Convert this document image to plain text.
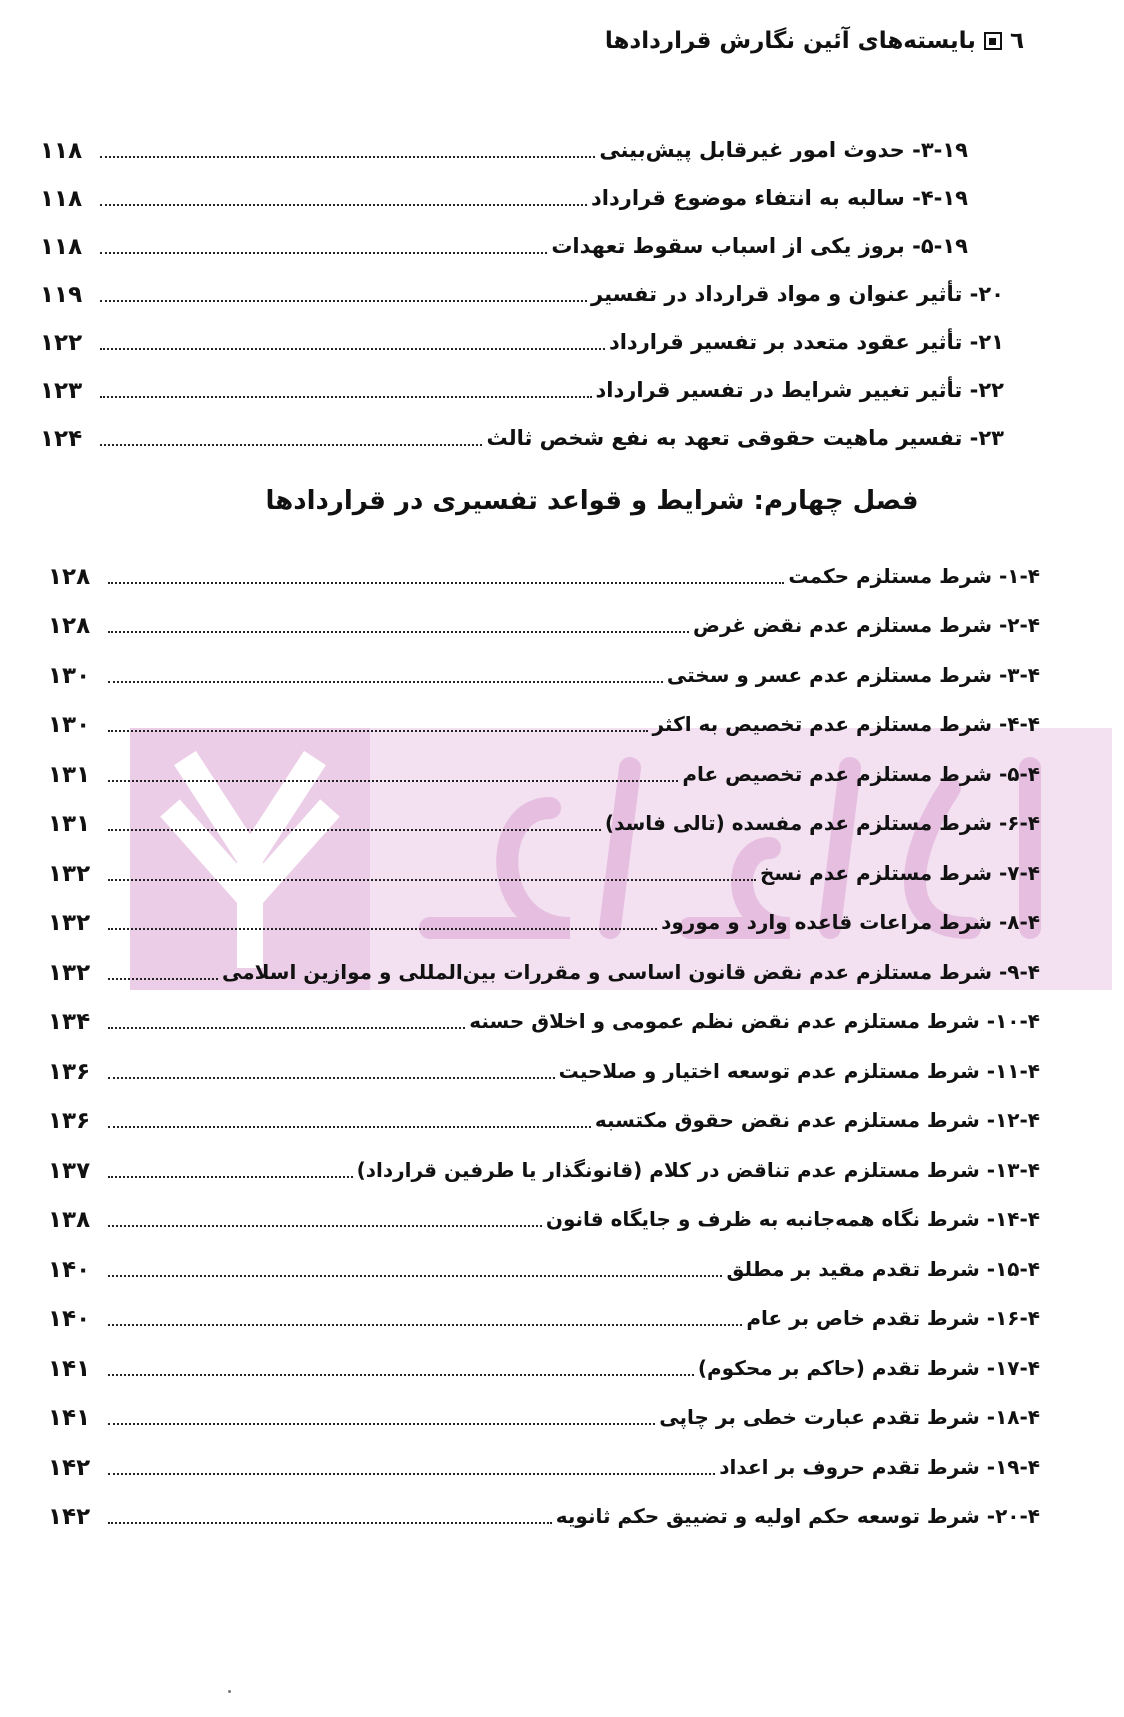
٦
بایسته‌های آئین نگارش قراردادها
۳-۱۹- حدوث امور غیرقابل پیش‌بینی
۱۱۸
۴-۱۹- سالبه به انتفاء موضوع قرارداد
۱۱۸
۵-۱۹- بروز یکی از اسباب سقوط تعهدات
۱۱۸
۲۰- تأثیر عنوان و مواد قرارداد در تفسیر
۱۱۹
۲۱- تأثیر عقود متعدد بر تفسیر قرارداد
۱۲۲
۲۲- تأثیر تغییر شرایط در تفسیر قرارداد
۱۲۳
۲۳- تفسیر ماهیت حقوقی تعهد به نفع شخص ثالث
۱۲۴
فصل چهارم: شرایط و قواعد تفسیری در قراردادها
۱-۴- شرط مستلزم حکمت
۱۲۸
۲-۴- شرط مستلزم عدم نقض غرض
۱۲۸
۳-۴- شرط مستلزم عدم عسر و سختی
۱۳۰
۴-۴- شرط مستلزم عدم تخصیص به اکثر
۱۳۰
۵-۴- شرط مستلزم عدم تخصیص عام
۱۳۱
۶-۴- شرط مستلزم عدم مفسده (تالی فاسد)
۱۳۱
۷-۴- شرط مستلزم عدم نسخ
۱۳۲
۸-۴- شرط مراعات قاعده وارد و مورود
۱۳۲
۹-۴- شرط مستلزم عدم نقض قانون اساسی و مقررات بین‌المللی و موازین اسلامی
۱۳۲
۱۰-۴- شرط مستلزم عدم نقض نظم عمومی و اخلاق حسنه
۱۳۴
۱۱-۴- شرط مستلزم عدم توسعه اختیار و صلاحیت
۱۳۶
۱۲-۴- شرط مستلزم عدم نقض حقوق مکتسبه
۱۳۶
۱۳-۴- شرط مستلزم عدم تناقض در کلام (قانونگذار یا طرفین قرارداد)
۱۳۷
۱۴-۴- شرط نگاه همه‌جانبه به ظرف و جایگاه قانون
۱۳۸
۱۵-۴- شرط تقدم مقید بر مطلق
۱۴۰
۱۶-۴- شرط تقدم خاص بر عام
۱۴۰
۱۷-۴- شرط تقدم (حاکم بر محکوم)
۱۴۱
۱۸-۴- شرط تقدم عبارت خطی بر چاپی
۱۴۱
۱۹-۴- شرط تقدم حروف بر اعداد
۱۴۲
۲۰-۴- شرط توسعه حکم اولیه و تضییق حکم ثانویه
۱۴۲
